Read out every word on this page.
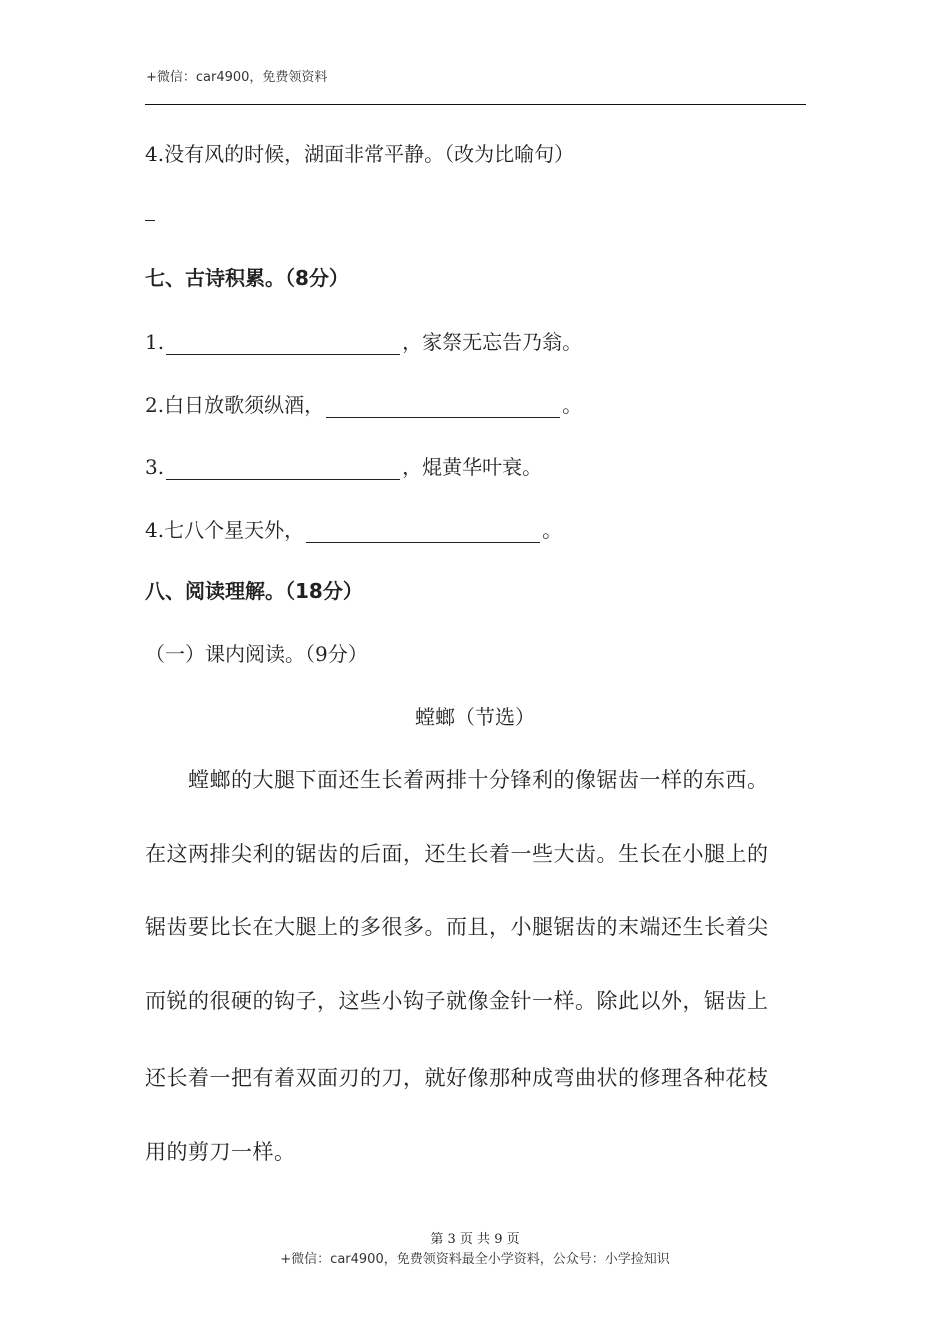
+微信：car4900，免费领资料
4.没有风的时候，湖面非常平静。（改为比喻句）
七、古诗积累。（8分）
1.	，家祭无忘告乃翁。
2.白日放歌须纵酒，	。
3.	，焜黄华叶衰。
4.七八个星天外，	。
八、阅读理解。（18分）
（一）课内阅读。（9分）
螳螂（节选）
　　螳螂的大腿下面还生长着两排十分锋利的像锯齿一样的东西。
在这两排尖利的锯齿的后面，还生长着一些大齿。生长在小腿上的
锯齿要比长在大腿上的多很多。而且，小腿锯齿的末端还生长着尖
而锐的很硬的钩子，这些小钩子就像金针一样。除此以外，锯齿上
还长着一把有着双面刃的刀，就好像那种成弯曲状的修理各种花枝
用的剪刀一样。
第 3 页 共 9 页
+微信：car4900，免费领资料最全小学资料，公众号：小学捡知识
